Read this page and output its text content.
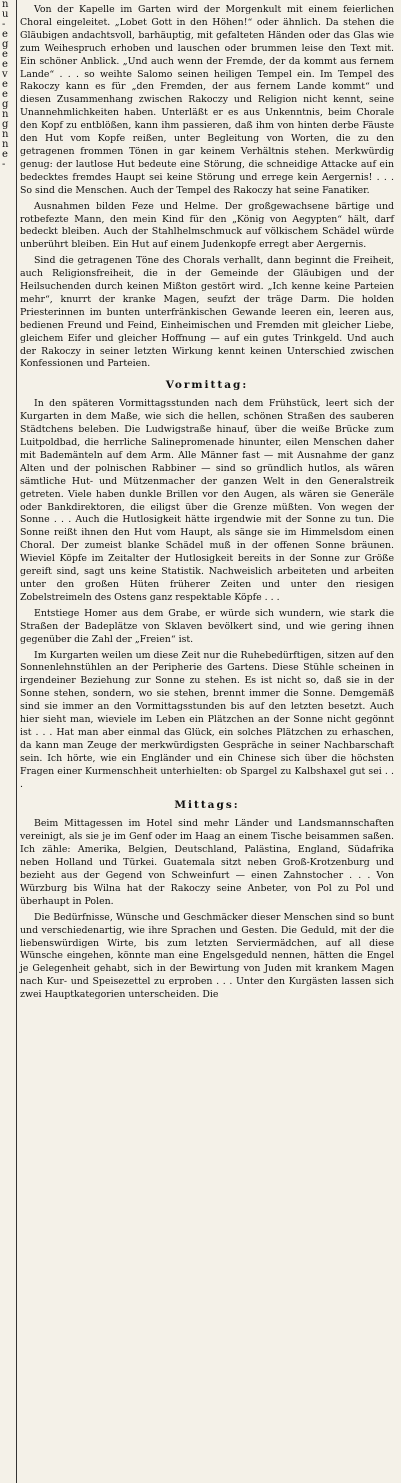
n
u
-
e
g
e
e
v
e
e
g
n
g
n
n
e
-

Von der Kapelle im Garten wird der Morgenkult mit einem feierlichen Choral eingeleitet. „Lobet Gott in den Höhen!“ oder ähnlich. Da stehen die Gläubigen andachtsvoll, barhäuptig, mit gefalteten Händen oder das Glas wie zum Weihespruch erhoben und lauschen oder brummen leise den Text mit. Ein schöner Anblick. „Und auch wenn der Fremde, der da kommt aus fernem Lande“ . . . so weihte Salomo seinen heiligen Tempel ein. Im Tempel des Rakoczy kann es für „den Fremden, der aus fernem Lande kommt“ und diesen Zusammenhang zwischen Rakoczy und Religion nicht kennt, seine Unannehmlichkeiten haben. Unterläßt er es aus Unkenntnis, beim Chorale den Kopf zu entblößen, kann ihm passieren, daß ihm von hinten derbe Fäuste den Hut vom Kopfe reißen, unter Begleitung von Worten, die zu den getragenen frommen Tönen in gar keinem Verhältnis stehen. Merkwürdig genug: der lautlose Hut bedeute eine Störung, die schneidige Attacke auf ein bedecktes fremdes Haupt sei keine Störung und errege kein Aergernis! . . . So sind die Menschen. Auch der Tempel des Rakoczy hat seine Fanatiker.

Ausnahmen bilden Feze und Helme. Der großgewachsene bärtige und rotbefezte Mann, den mein Kind für den „König von Aegypten“ hält, darf bedeckt bleiben. Auch der Stahlhelmschmuck auf völkischem Schädel würde unberührt bleiben. Ein Hut auf einem Judenkopfe erregt aber Aergernis.

Sind die getragenen Töne des Chorals verhallt, dann beginnt die Freiheit, auch Religionsfreiheit, die in der Gemeinde der Gläubigen und der Heilsuchenden durch keinen Mißton gestört wird. „Ich kenne keine Parteien mehr“, knurrt der kranke Magen, seufzt der träge Darm. Die holden Priesterinnen im bunten unterfränkischen Gewande leeren ein, leeren aus, bedienen Freund und Feind, Einheimischen und Fremden mit gleicher Liebe, gleichem Eifer und gleicher Hoffnung — auf ein gutes Trinkgeld. Und auch der Rakoczy in seiner letzten Wirkung kennt keinen Unterschied zwischen Konfessionen und Parteien.

Vormittag:

In den späteren Vormittagsstunden nach dem Frühstück, leert sich der Kurgarten in dem Maße, wie sich die hellen, schönen Straßen des sauberen Städtchens beleben. Die Ludwigstraße hinauf, über die weiße Brücke zum Luitpoldbad, die herrliche Salinepromenade hinunter, eilen Menschen daher mit Bademänteln auf dem Arm. Alle Männer fast — mit Ausnahme der ganz Alten und der polnischen Rabbiner — sind so gründlich hutlos, als wären sämtliche Hut- und Mützenmacher der ganzen Welt in den Generalstreik getreten. Viele haben dunkle Brillen vor den Augen, als wären sie Generäle oder Bankdirektoren, die eiligst über die Grenze müßten. Von wegen der Sonne . . . Auch die Hutlosigkeit hätte irgendwie mit der Sonne zu tun. Die Sonne reißt ihnen den Hut vom Haupt, als sänge sie im Himmelsdom einen Choral. Der zumeist blanke Schädel muß in der offenen Sonne bräunen. Wieviel Köpfe im Zeitalter der Hutlosigkeit bereits in der Sonne zur Größe gereift sind, sagt uns keine Statistik. Nachweislich arbeiteten und arbeiten unter den großen Hüten früherer Zeiten und unter den riesigen Zobelstreimeln des Ostens ganz respektable Köpfe . . .

Entstiege Homer aus dem Grabe, er würde sich wundern, wie stark die Straßen der Badeplätze von Sklaven bevölkert sind, und wie gering ihnen gegenüber die Zahl der „Freien“ ist.

Im Kurgarten weilen um diese Zeit nur die Ruhebedürftigen, sitzen auf den Sonnenlehnstühlen an der Peripherie des Gartens. Diese Stühle scheinen in irgendeiner Beziehung zur Sonne zu stehen. Es ist nicht so, daß sie in der Sonne stehen, sondern, wo sie stehen, brennt immer die Sonne. Demgemäß sind sie immer an den Vormittagsstunden bis auf den letzten besetzt. Auch hier sieht man, wieviele im Leben ein Plätzchen an der Sonne nicht gegönnt ist . . . Hat man aber einmal das Glück, ein solches Plätzchen zu erhaschen, da kann man Zeuge der merkwürdigsten Gespräche in seiner Nachbarschaft sein. Ich hörte, wie ein Engländer und ein Chinese sich über die höchsten Fragen einer Kurmenschheit unterhielten: ob Spargel zu Kalbshaxel gut sei . . .

Mittags:

Beim Mittagessen im Hotel sind mehr Länder und Landsmannschaften vereinigt, als sie je im Genf oder im Haag an einem Tische beisammen saßen. Ich zähle: Amerika, Belgien, Deutschland, Palästina, England, Südafrika neben Holland und Türkei. Guatemala sitzt neben Groß-Krotzenburg und bezieht aus der Gegend von Schweinfurt — einen Zahnstocher . . . Von Würzburg bis Wilna hat der Rakoczy seine Anbeter, von Pol zu Pol und überhaupt in Polen.

Die Bedürfnisse, Wünsche und Geschmäcker dieser Menschen sind so bunt und verschiedenartig, wie ihre Sprachen und Gesten. Die Geduld, mit der die liebenswürdigen Wirte, bis zum letzten Serviermädchen, auf all diese Wünsche eingehen, könnte man eine Engelsgeduld nennen, hätten die Engel je Gelegenheit gehabt, sich in der Bewirtung von Juden mit krankem Magen nach Kur- und Speisezettel zu erproben . . . Unter den Kurgästen lassen sich zwei Hauptkategorien unterscheiden. Die
